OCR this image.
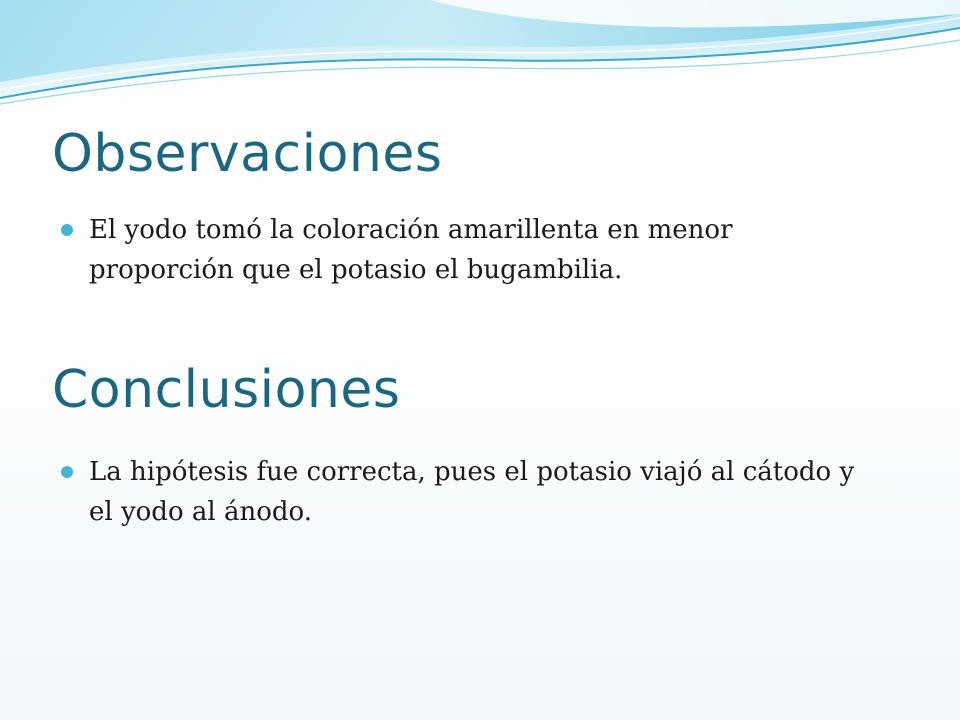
Observaciones
El yodo tomó la coloración amarillenta en menor proporción que el potasio el bugambilia.
Conclusiones
La hipótesis fue correcta, pues el potasio viajó al cátodo y el yodo al ánodo.
